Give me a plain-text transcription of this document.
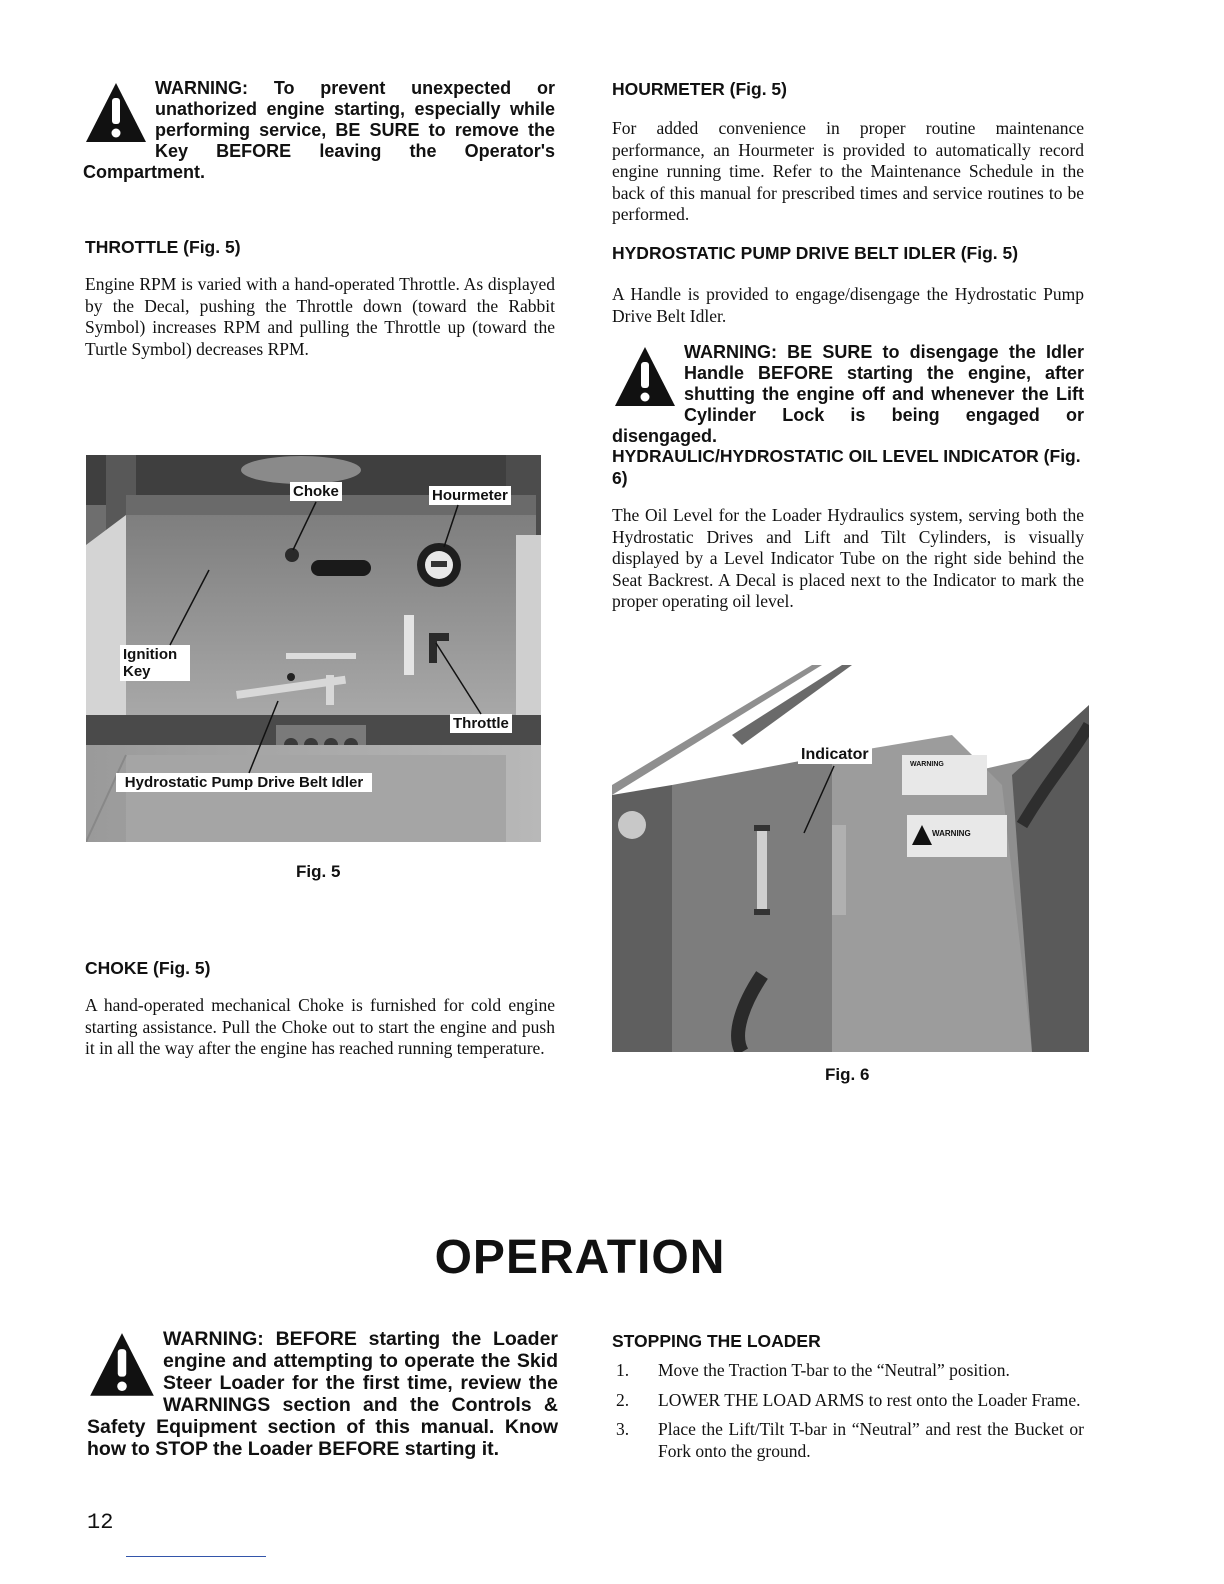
WARNING: To prevent unexpected or unathorized engine starting, especially while performing service, BE SURE to remove the Key BEFORE leaving the Operator's Compartment.
THROTTLE (Fig. 5)

Engine RPM is varied with a hand-operated Throttle. As displayed by the Decal, pushing the Throttle down (toward the Rabbit Symbol) increases RPM and pulling the Throttle up (toward the Turtle Symbol) decreases RPM.

Choke	Hourmeter
Ignition Key
Throttle
Hydrostatic Pump Drive Belt Idler
Fig. 5
CHOKE (Fig. 5)

A hand-operated mechanical Choke is furnished for cold engine starting assistance. Pull the Choke out to start the engine and push it in all the way after the engine has reached running temperature.

HOURMETER (Fig. 5)

For added convenience in proper routine maintenance performance, an Hourmeter is provided to automatically record engine running time. Refer to the Maintenance Schedule in the back of this manual for prescribed times and service routines to be performed.

HYDROSTATIC PUMP DRIVE BELT IDLER (Fig. 5)

A Handle is provided to engage/disengage the Hydrostatic Pump Drive Belt Idler.

WARNING: BE SURE to disengage the Idler Handle BEFORE starting the engine, after shutting the engine off and whenever the Lift Cylinder Lock is being engaged or disengaged.
HYDRAULIC/HYDROSTATIC OIL LEVEL INDICATOR (Fig. 6)

The Oil Level for the Loader Hydraulics system, serving both the Hydrostatic Drives and Lift and Tilt Cylinders, is visually displayed by a Level Indicator Tube on the right side behind the Seat Backrest. A Decal is placed next to the Indicator to mark the proper operating oil level.

Indicator
WARNING
WARNING
Fig. 6
OPERATION
WARNING: BEFORE starting the Loader engine and attempting to operate the Skid Steer Loader for the first time, review the WARNINGS section and the Controls & Safety Equipment section of this manual. Know how to STOP the Loader BEFORE starting it.
STOPPING THE LOADER
1. Move the Traction T-bar to the “Neutral” position.
2. LOWER THE LOAD ARMS to rest onto the Loader Frame.
3. Place the Lift/Tilt T-bar in “Neutral” and rest the Bucket or Fork onto the ground.
12
